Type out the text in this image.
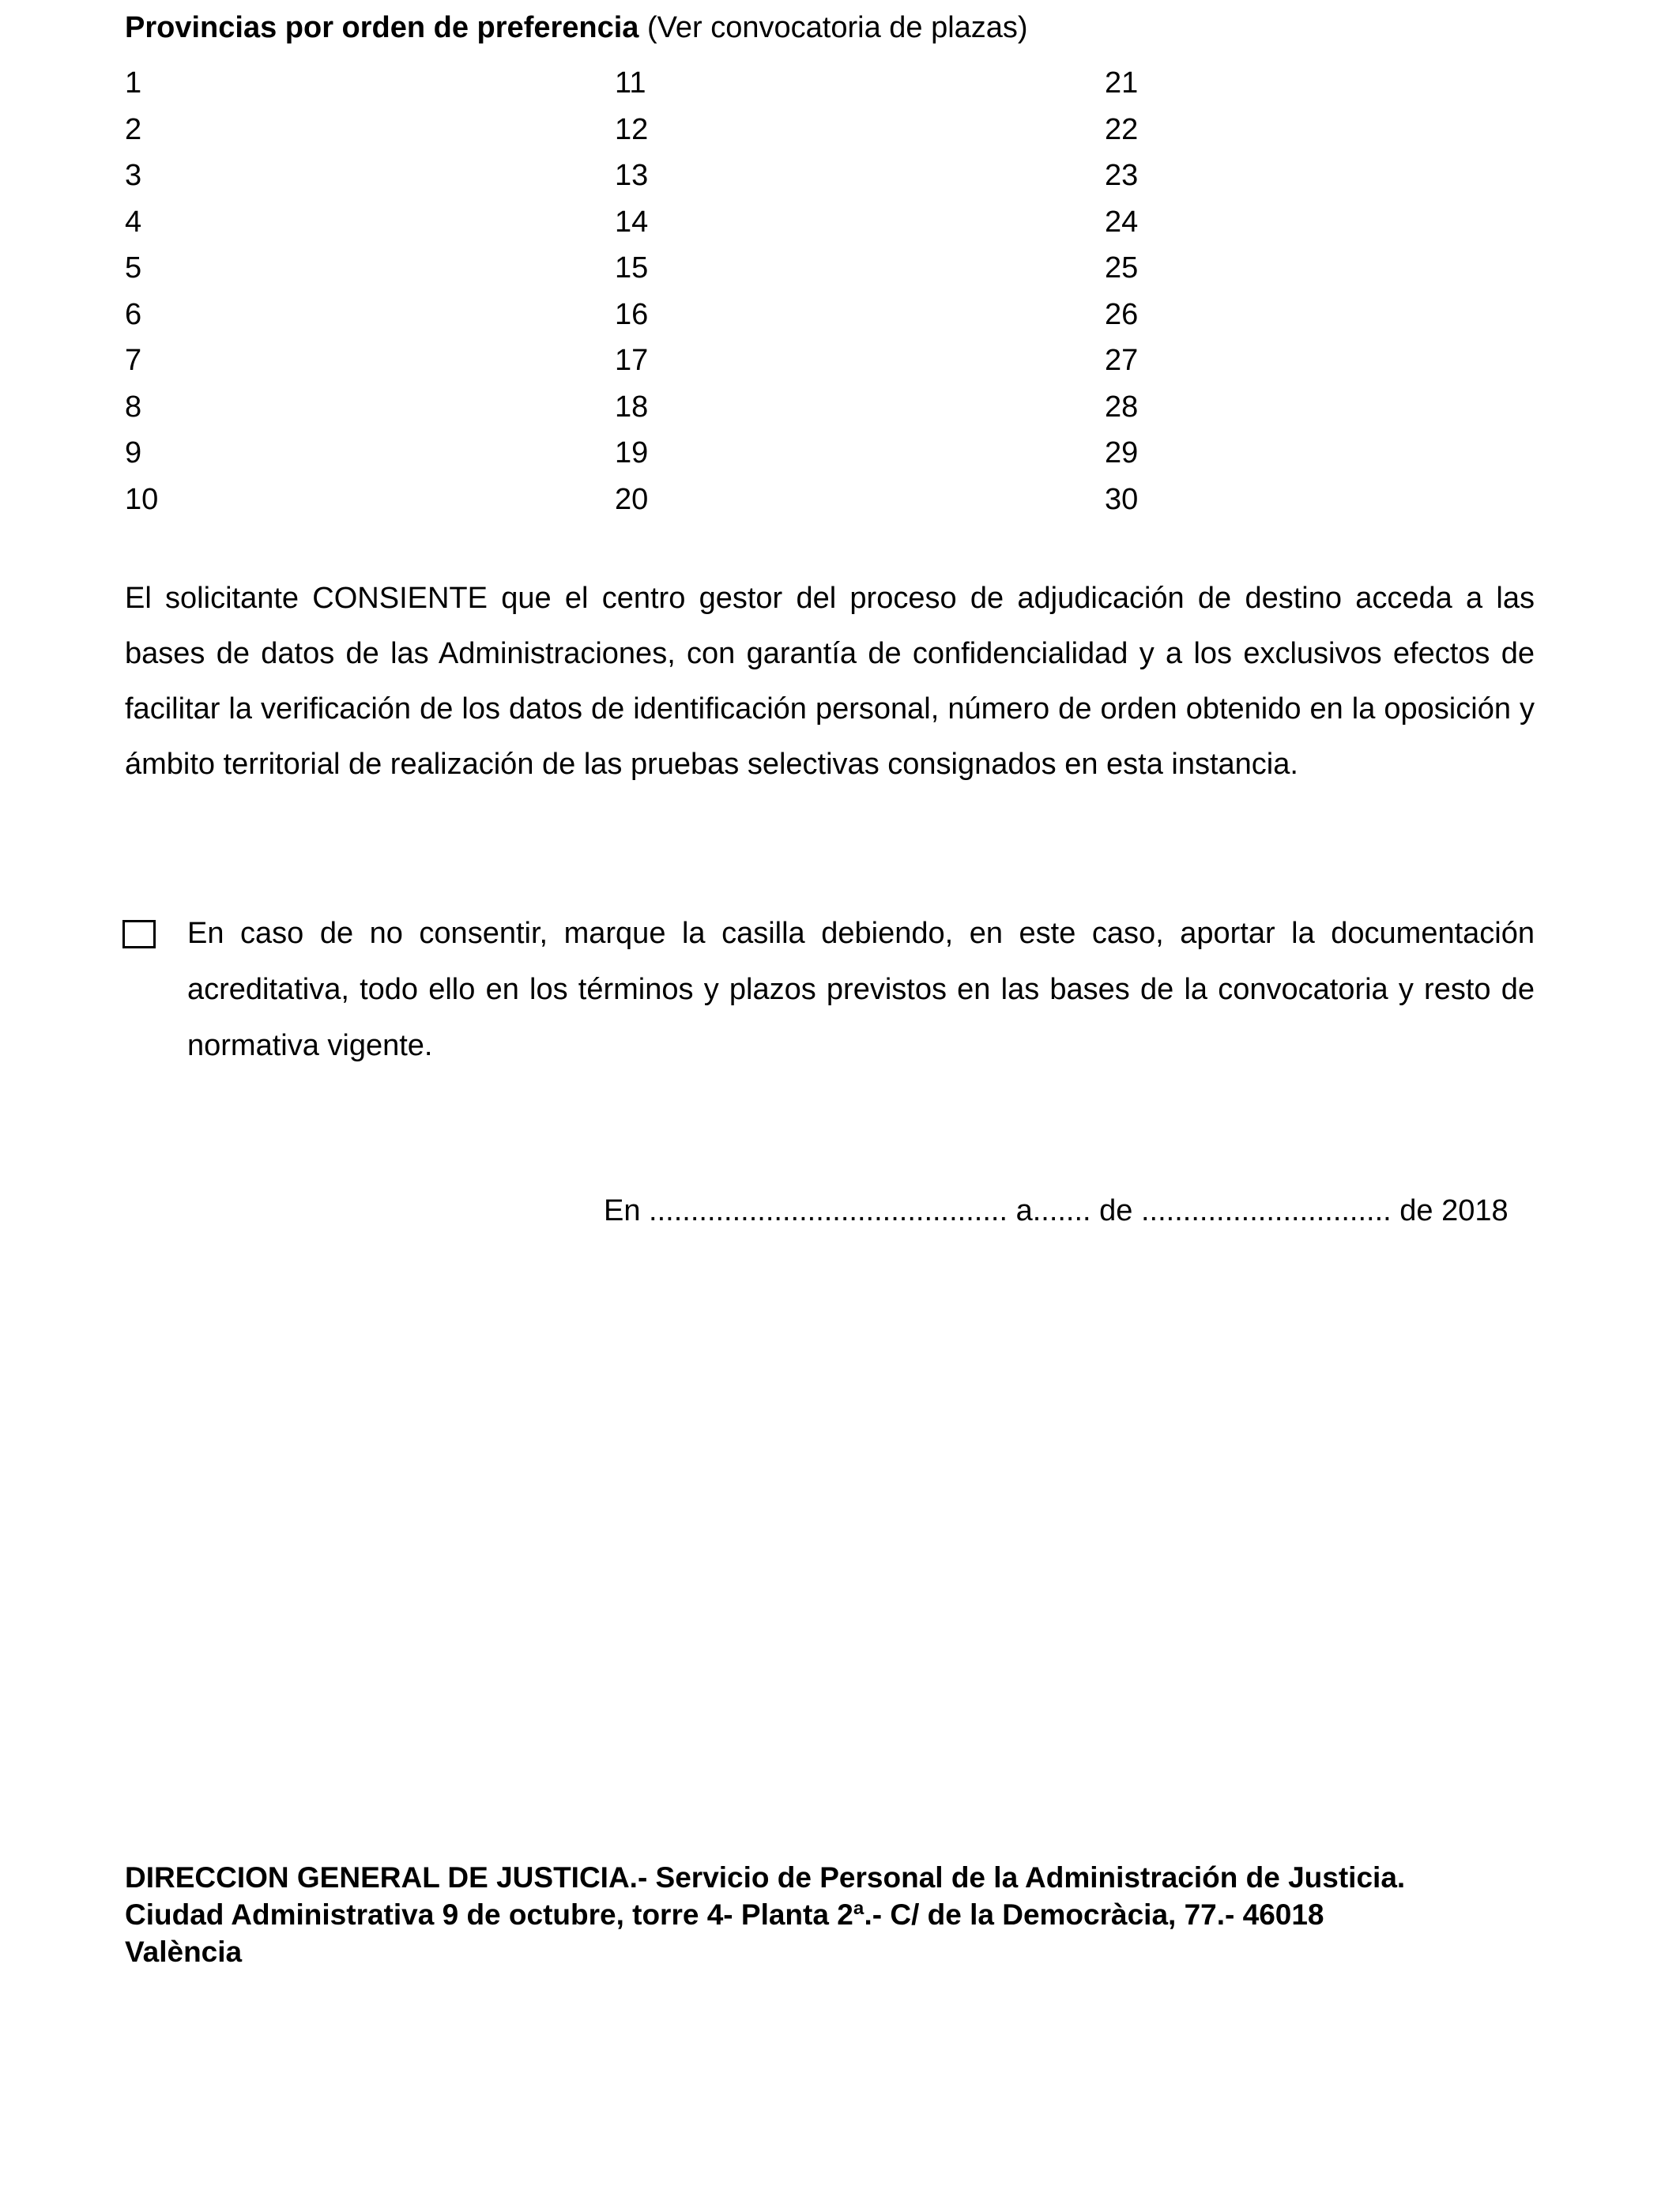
Provincias por orden de preferencia (Ver convocatoria de plazas)
1
2
3
4
5
6
7
8
9
10
11
12
13
14
15
16
17
18
19
20
21
22
23
24
25
26
27
28
29
30
El solicitante CONSIENTE que el centro gestor del proceso de adjudicación de destino acceda a las bases de datos de las Administraciones, con garantía de confidencialidad y a los exclusivos efectos de facilitar la verificación de los datos de identificación personal, número de orden obtenido en la oposición y ámbito territorial de realización de las pruebas selectivas consignados en esta instancia.
En caso de no consentir, marque la casilla debiendo, en este caso, aportar la documentación acreditativa, todo ello en los términos y plazos previstos en las bases de la convocatoria y resto de normativa vigente.
En ........................................... a....... de .............................. de 2018
DIRECCION GENERAL DE JUSTICIA.- Servicio de Personal de la Administración de Justicia.
Ciudad Administrativa 9 de octubre, torre 4- Planta 2ª.- C/ de la Democràcia, 77.- 46018
València
